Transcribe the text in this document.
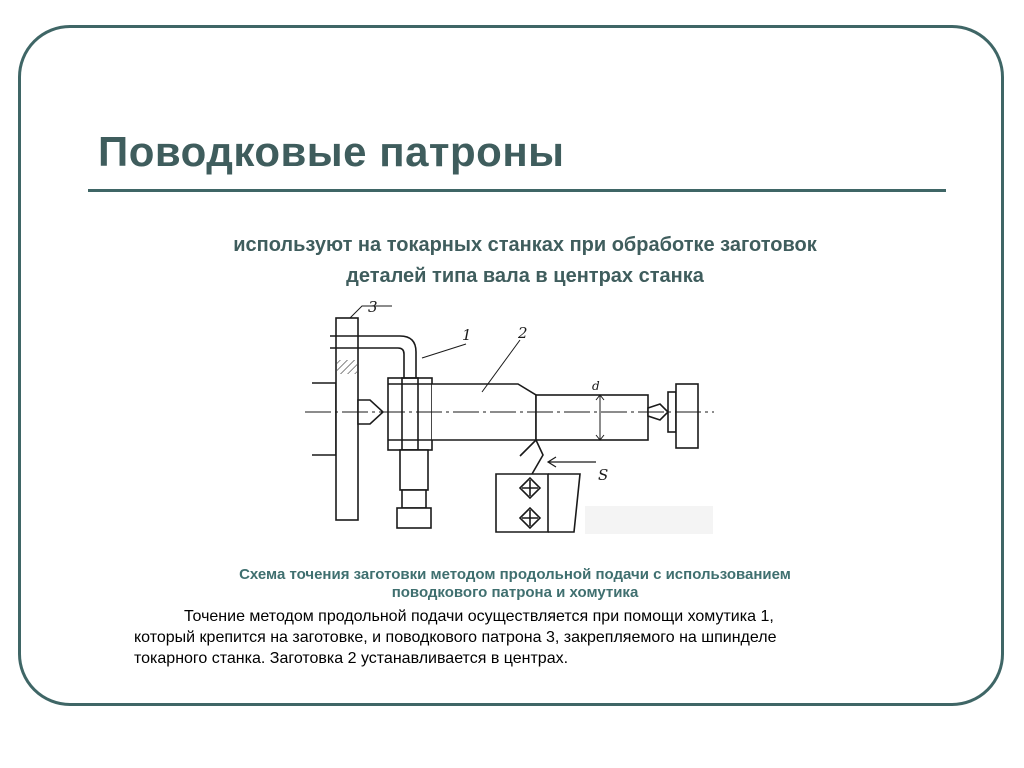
Поводковые патроны
используют на токарных станках при обработке заготовок
деталей типа вала в центрах станка
3
1	2
d
S
Схема точения заготовки методом продольной подачи с использованием
поводкового патрона и хомутика
Точение методом продольной подачи осуществляется при помощи хомутика 1,
который крепится на заготовке, и поводкового патрона 3, закрепляемого на шпинделе
токарного станка. Заготовка 2 устанавливается в центрах.
